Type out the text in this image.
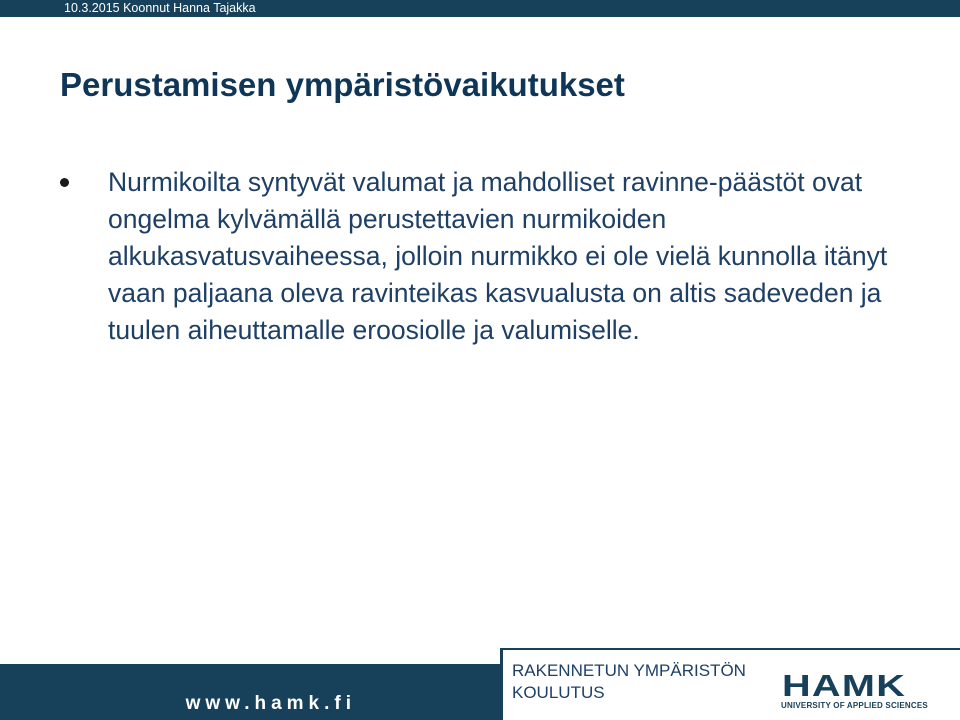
10.3.2015 Koonnut Hanna Tajakka
Perustamisen ympäristövaikutukset

Nurmikoilta syntyvät valumat ja mahdolliset ravinne-päästöt ovat ongelma kylvämällä perustettavien nurmikoiden alkukasvatusvaiheessa, jolloin nurmikko ei ole vielä kunnolla itänyt vaan paljaana oleva ravinteikas kasvualusta on altis sadeveden ja tuulen aiheuttamalle eroosiolle ja valumiselle.

www.hamk.fi
RAKENNETUN YMPÄRISTÖN
KOULUTUS	HAMK
UNIVERSITY OF APPLIED SCIENCES
